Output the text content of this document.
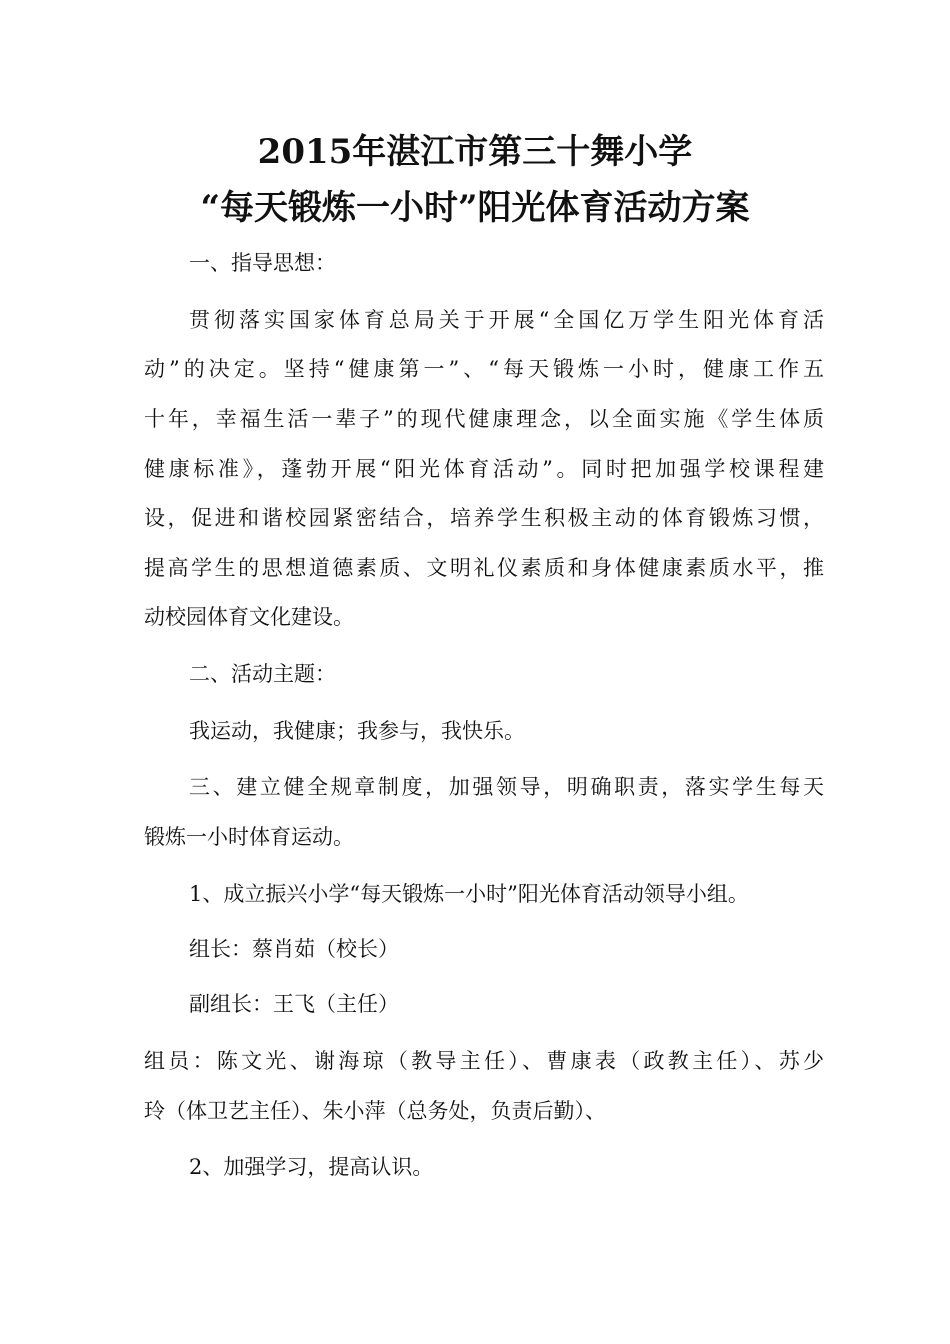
2015年湛江市第三十舞小学
“每天锻炼一小时”阳光体育活动方案
一、指导思想：
贯彻落实国家体育总局关于开展“全国亿万学生阳光体育活
动”的决定。坚持“健康第一”、“每天锻炼一小时，健康工作五
十年，幸福生活一辈子”的现代健康理念，以全面实施《学生体质
健康标准》，蓬勃开展“阳光体育活动”。同时把加强学校课程建
设，促进和谐校园紧密结合，培养学生积极主动的体育锻炼习惯，
提高学生的思想道德素质、文明礼仪素质和身体健康素质水平，推
动校园体育文化建设。
二、活动主题：
我运动，我健康；我参与，我快乐。
三、建立健全规章制度，加强领导，明确职责，落实学生每天
锻炼一小时体育运动。
1、成立振兴小学“每天锻炼一小时”阳光体育活动领导小组。
组长：蔡肖茹（校长）
副组长：王飞（主任）
组员：陈文光、谢海琼（教导主任）、曹康表（政教主任）、苏少
玲（体卫艺主任）、朱小萍（总务处，负责后勤）、
2、加强学习，提高认识。
